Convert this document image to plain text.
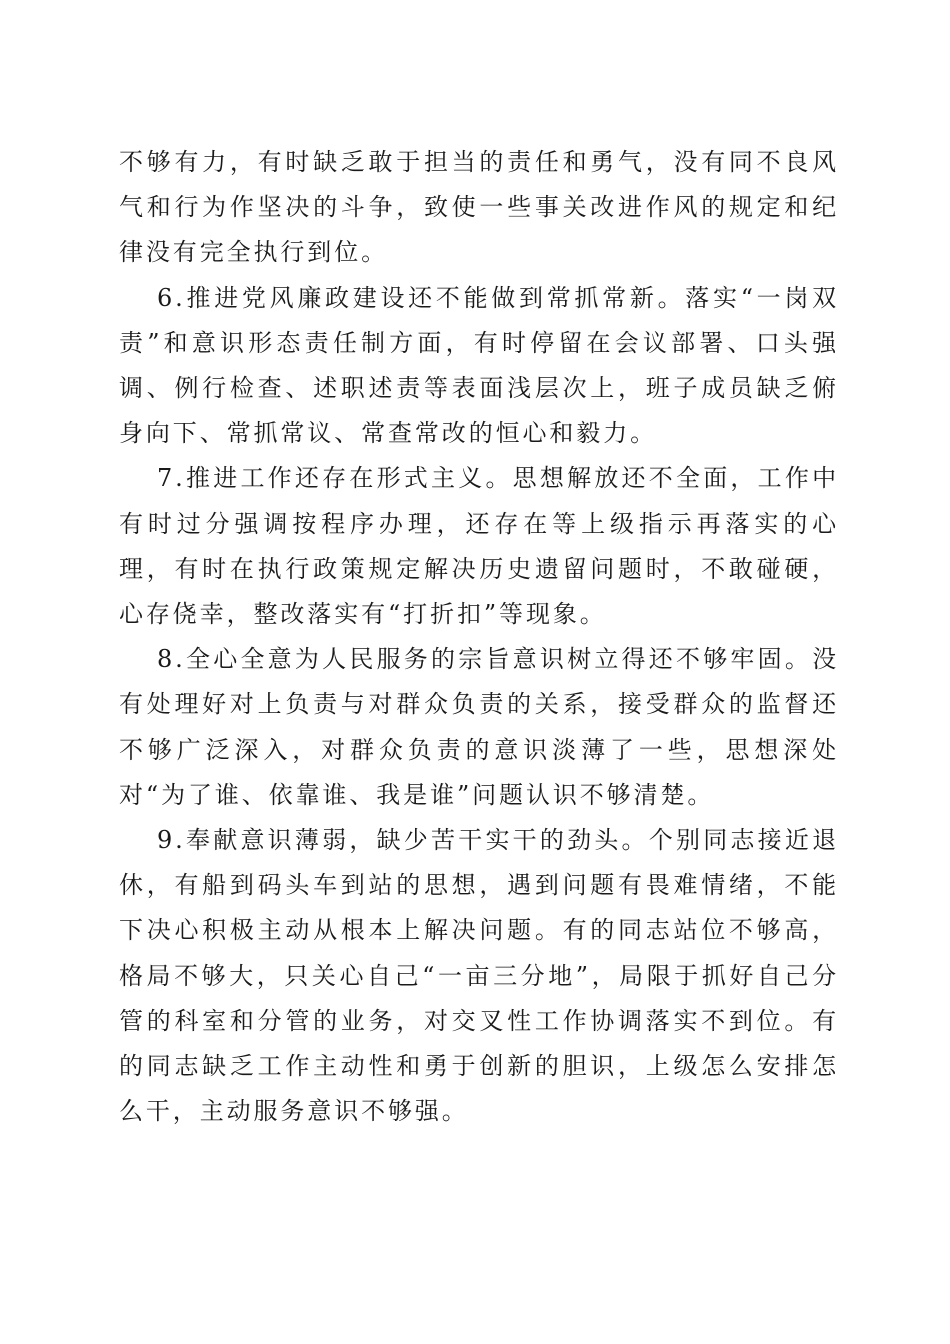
不够有力，有时缺乏敢于担当的责任和勇气，没有同不良风气和行为作坚决的斗争，致使一些事关改进作风的规定和纪律没有完全执行到位。

6.推进党风廉政建设还不能做到常抓常新。落实“一岗双责”和意识形态责任制方面，有时停留在会议部署、口头强调、例行检查、述职述责等表面浅层次上，班子成员缺乏俯身向下、常抓常议、常查常改的恒心和毅力。

7.推进工作还存在形式主义。思想解放还不全面，工作中有时过分强调按程序办理，还存在等上级指示再落实的心理，有时在执行政策规定解决历史遗留问题时，不敢碰硬，心存侥幸，整改落实有“打折扣”等现象。

8.全心全意为人民服务的宗旨意识树立得还不够牢固。没有处理好对上负责与对群众负责的关系，接受群众的监督还不够广泛深入，对群众负责的意识淡薄了一些，思想深处对“为了谁、依靠谁、我是谁”问题认识不够清楚。

9.奉献意识薄弱，缺少苦干实干的劲头。个别同志接近退休，有船到码头车到站的思想，遇到问题有畏难情绪，不能下决心积极主动从根本上解决问题。有的同志站位不够高，格局不够大，只关心自己“一亩三分地”，局限于抓好自己分管的科室和分管的业务，对交叉性工作协调落实不到位。有的同志缺乏工作主动性和勇于创新的胆识，上级怎么安排怎么干，主动服务意识不够强。
